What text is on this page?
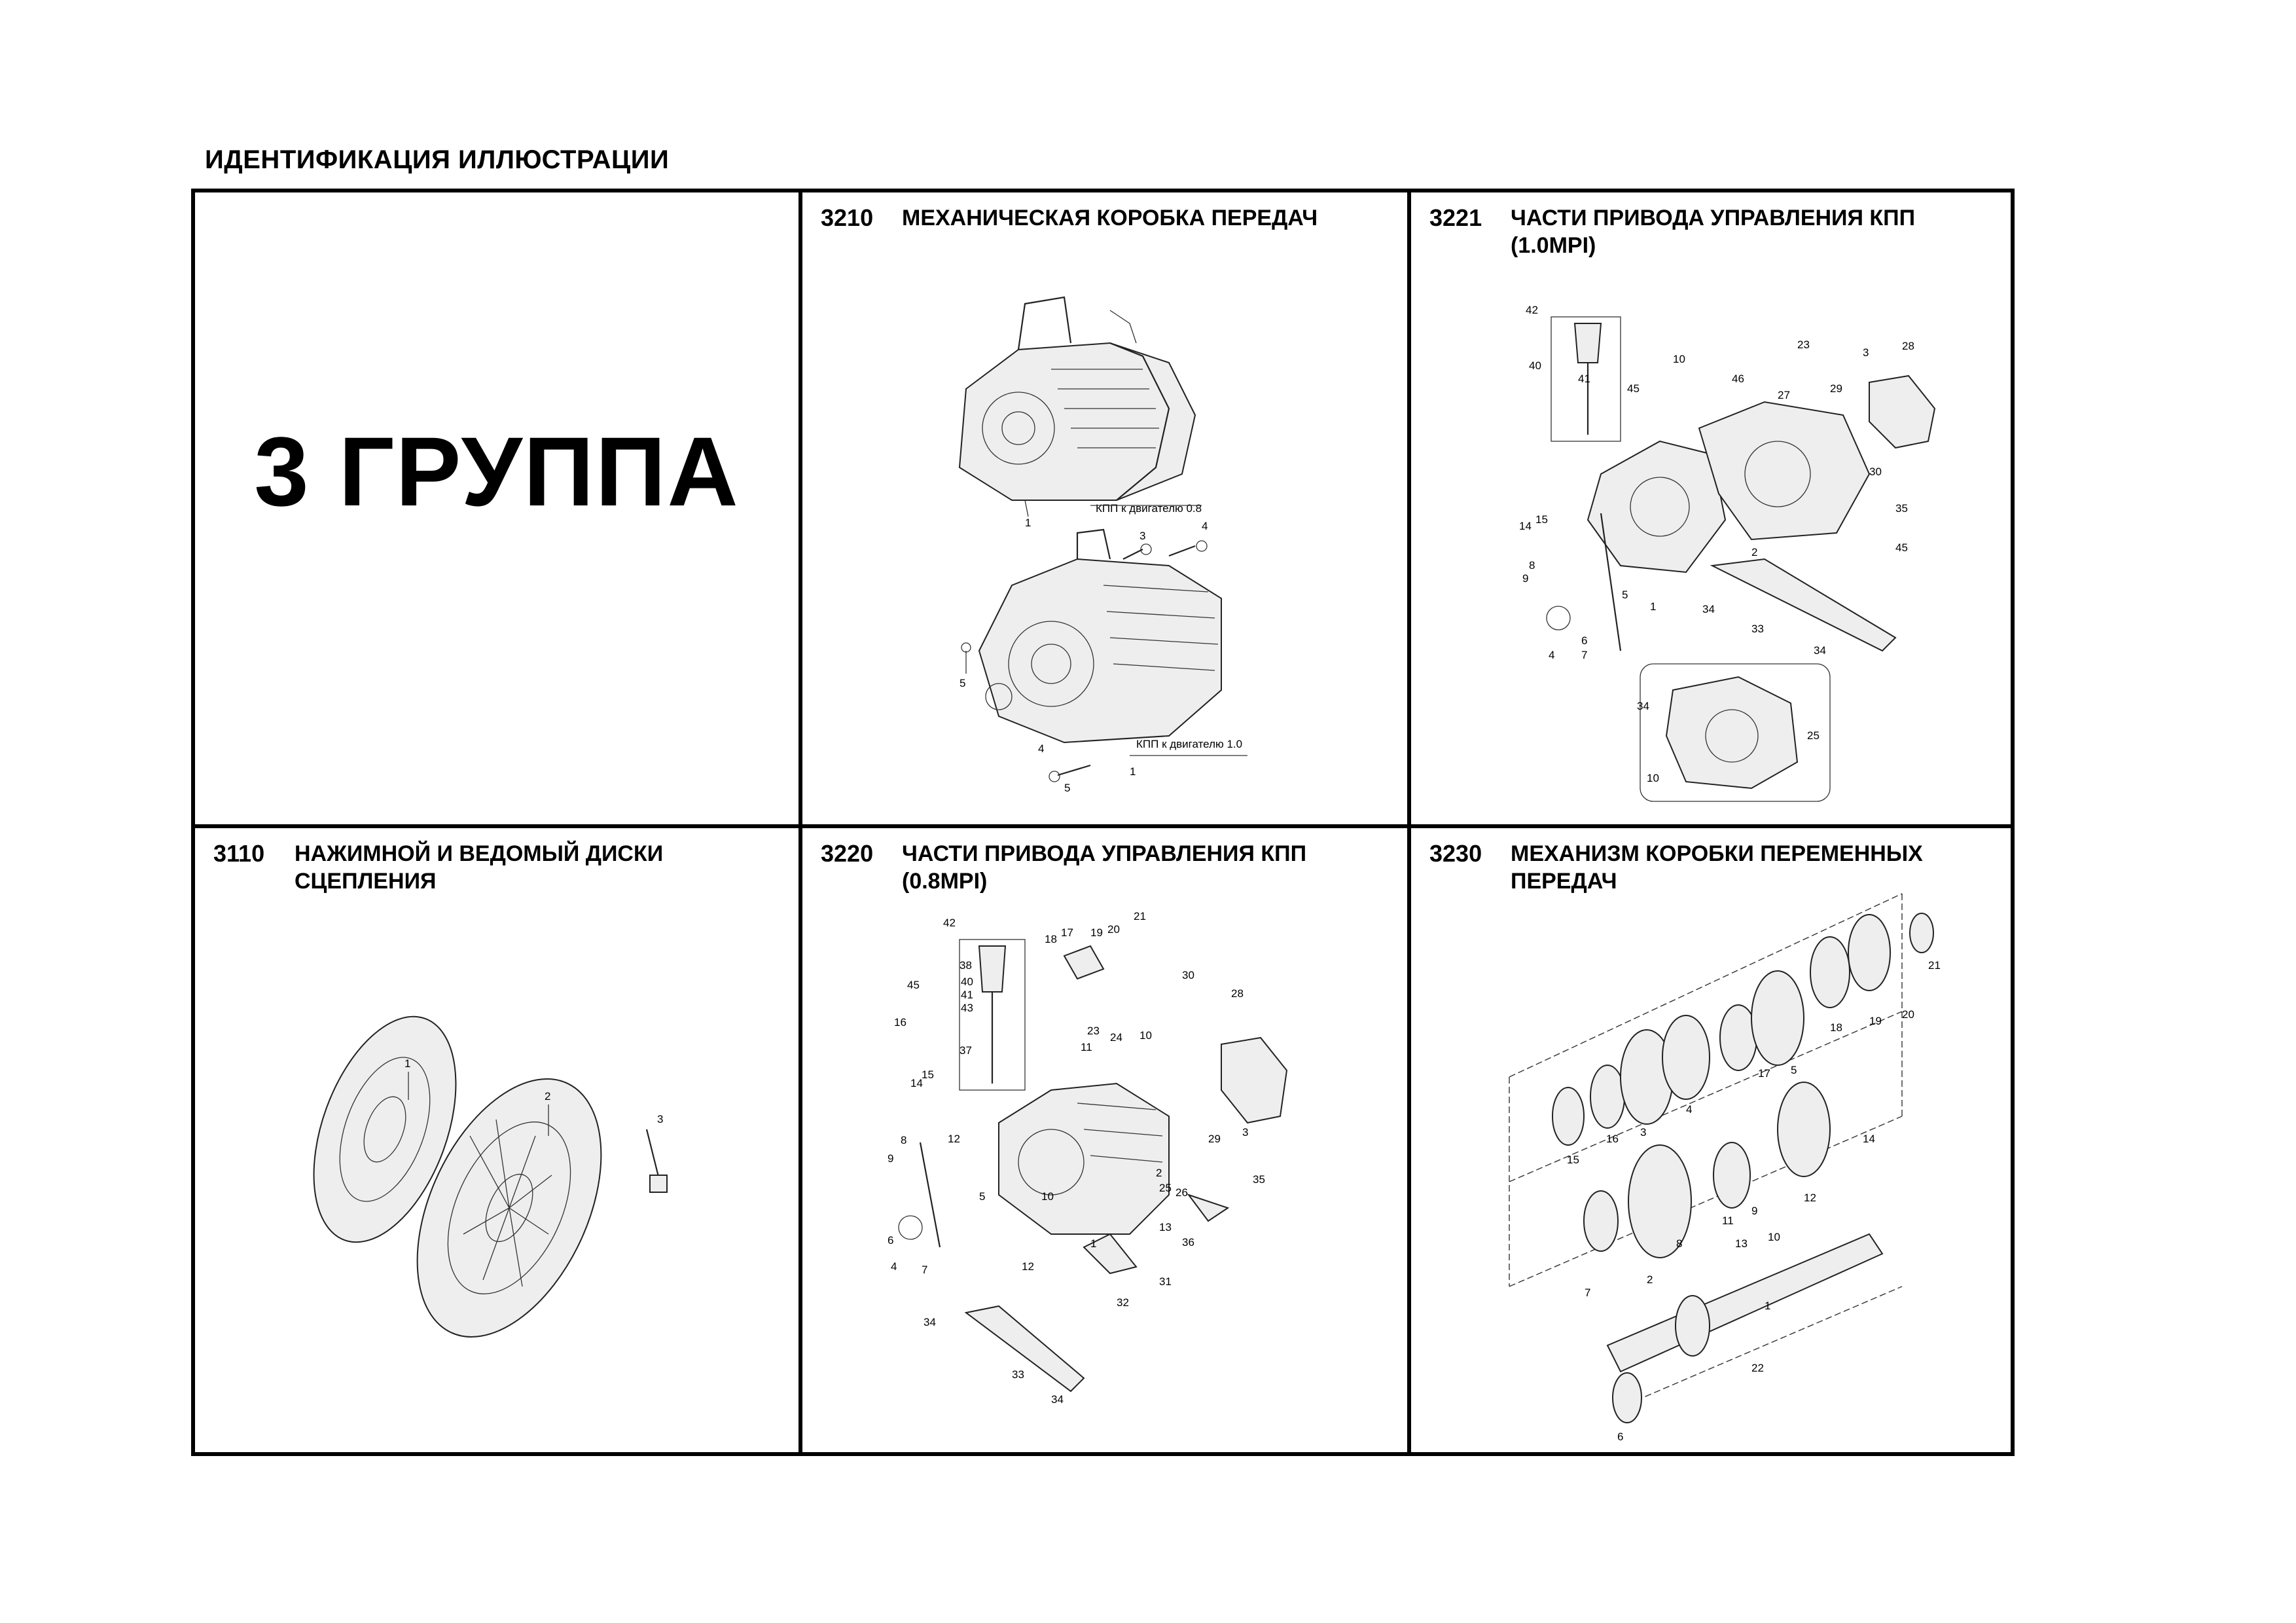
ИДЕНТИФИКАЦИЯ ИЛЛЮСТРАЦИИ
3 ГРУППА
3210 МЕХАНИЧЕСКАЯ КОРОБКА ПЕРЕДАЧ
КПП к двигателю 0.8
1
3
4
5
4
5
КПП к двигателю 1.0
1
3221 ЧАСТИ ПРИВОДА УПРАВЛЕНИЯ КПП (1.0MPI)
42
40
41
45
10
46
23
3
28
27
29
30
14
15
8
9
5
2
35
45
34
33
1
6
7
4	34
34
25
10
3110 НАЖИМНОЙ И ВЕДОМЫЙ ДИСКИ СЦЕПЛЕНИЯ
1
2
3
3220 ЧАСТИ ПРИВОДА УПРАВЛЕНИЯ КПП (0.8MPI)
42
38
18
17 19 20
21
45	40
41
43
30
28
16
23
24 10
37	11
14
15
29
3
8	12
9
2
25 26
35
5	10
13
6
12
36
4 7
31
32
34
33
34
1
3230 МЕХАНИЗМ КОРОБКИ ПЕРЕМЕННЫХ ПЕРЕДАЧ
21
18
19
20
17 5
4
3
16
15
14
12
9
11
13
10
8
7
2
1
22
6
